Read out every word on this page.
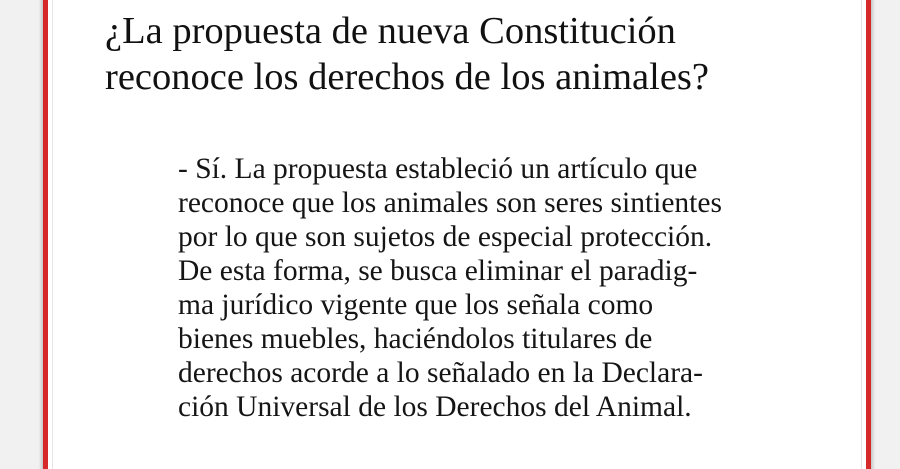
¿La propuesta de nueva Constitución
reconoce los derechos de los animales?
- Sí. La propuesta estableció un artículo que
reconoce que los animales son seres sintientes
por lo que son sujetos de especial protección.
De esta forma, se busca eliminar el paradig-
ma jurídico vigente que los señala como
bienes muebles, haciéndolos titulares de
derechos acorde a lo señalado en la Declara-
ción Universal de los Derechos del Animal.
